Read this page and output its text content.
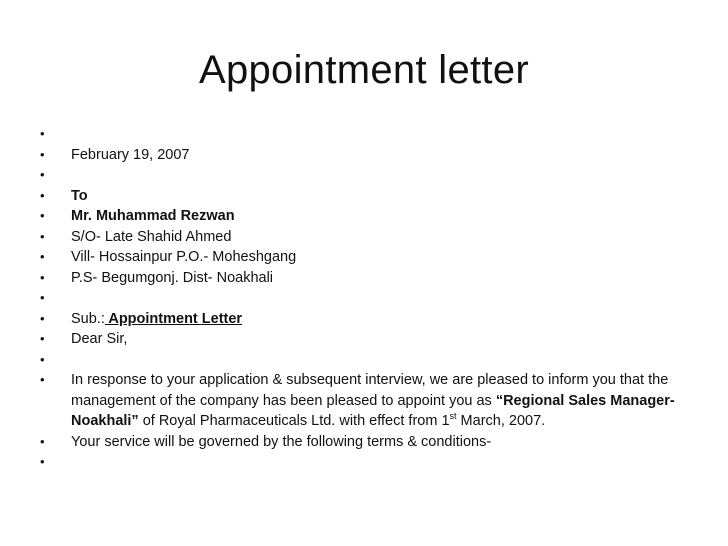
Appointment letter
•
•	February 19, 2007
•
•	To
•	Mr. Muhammad Rezwan
•	S/O- Late Shahid Ahmed
•	Vill- Hossainpur P.O.- Moheshgang
•	P.S- Begumgonj. Dist- Noakhali
•
•	Sub.: Appointment Letter
•	Dear Sir,
•
•	In response to your application & subsequent interview, we are pleased to inform you that the management of the company has been pleased to appoint you as “Regional Sales Manager- Noakhali” of Royal Pharmaceuticals Ltd. with effect from 1st March, 2007.
•	Your service will be governed by the following terms & conditions-
•
